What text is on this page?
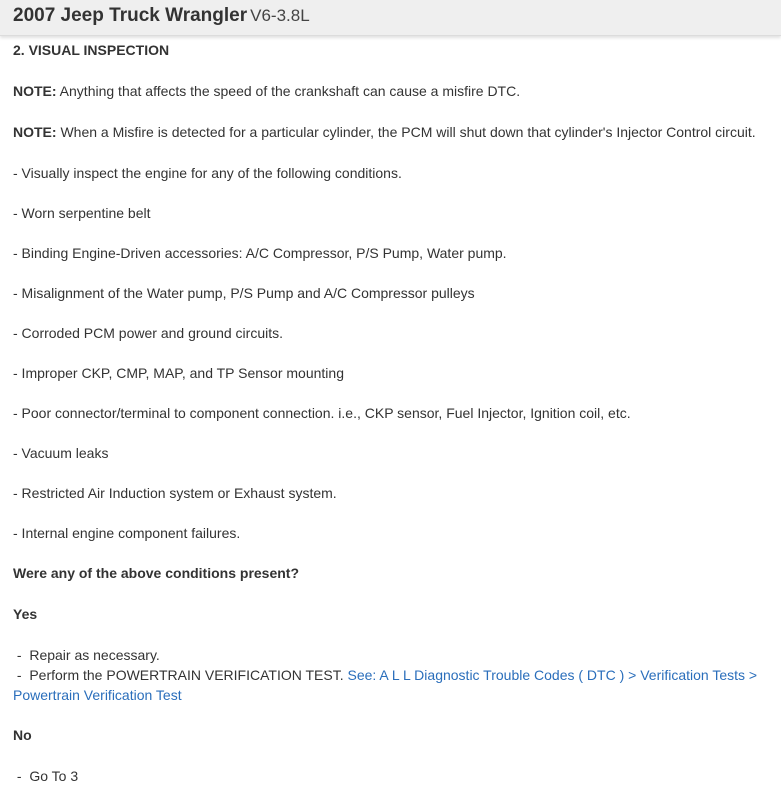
2007 Jeep Truck Wrangler V6-3.8L
2. VISUAL INSPECTION
NOTE: Anything that affects the speed of the crankshaft can cause a misfire DTC.
NOTE: When a Misfire is detected for a particular cylinder, the PCM will shut down that cylinder's Injector Control circuit.
- Visually inspect the engine for any of the following conditions.
- Worn serpentine belt
- Binding Engine-Driven accessories: A/C Compressor, P/S Pump, Water pump.
- Misalignment of the Water pump, P/S Pump and A/C Compressor pulleys
- Corroded PCM power and ground circuits.
- Improper CKP, CMP, MAP, and TP Sensor mounting
- Poor connector/terminal to component connection. i.e., CKP sensor, Fuel Injector, Ignition coil, etc.
- Vacuum leaks
- Restricted Air Induction system or Exhaust system.
- Internal engine component failures.
Were any of the above conditions present?
Yes
-  Repair as necessary.
-  Perform the POWERTRAIN VERIFICATION TEST. See: A L L Diagnostic Trouble Codes ( DTC ) > Verification Tests >
Powertrain Verification Test
No
-  Go To 3
